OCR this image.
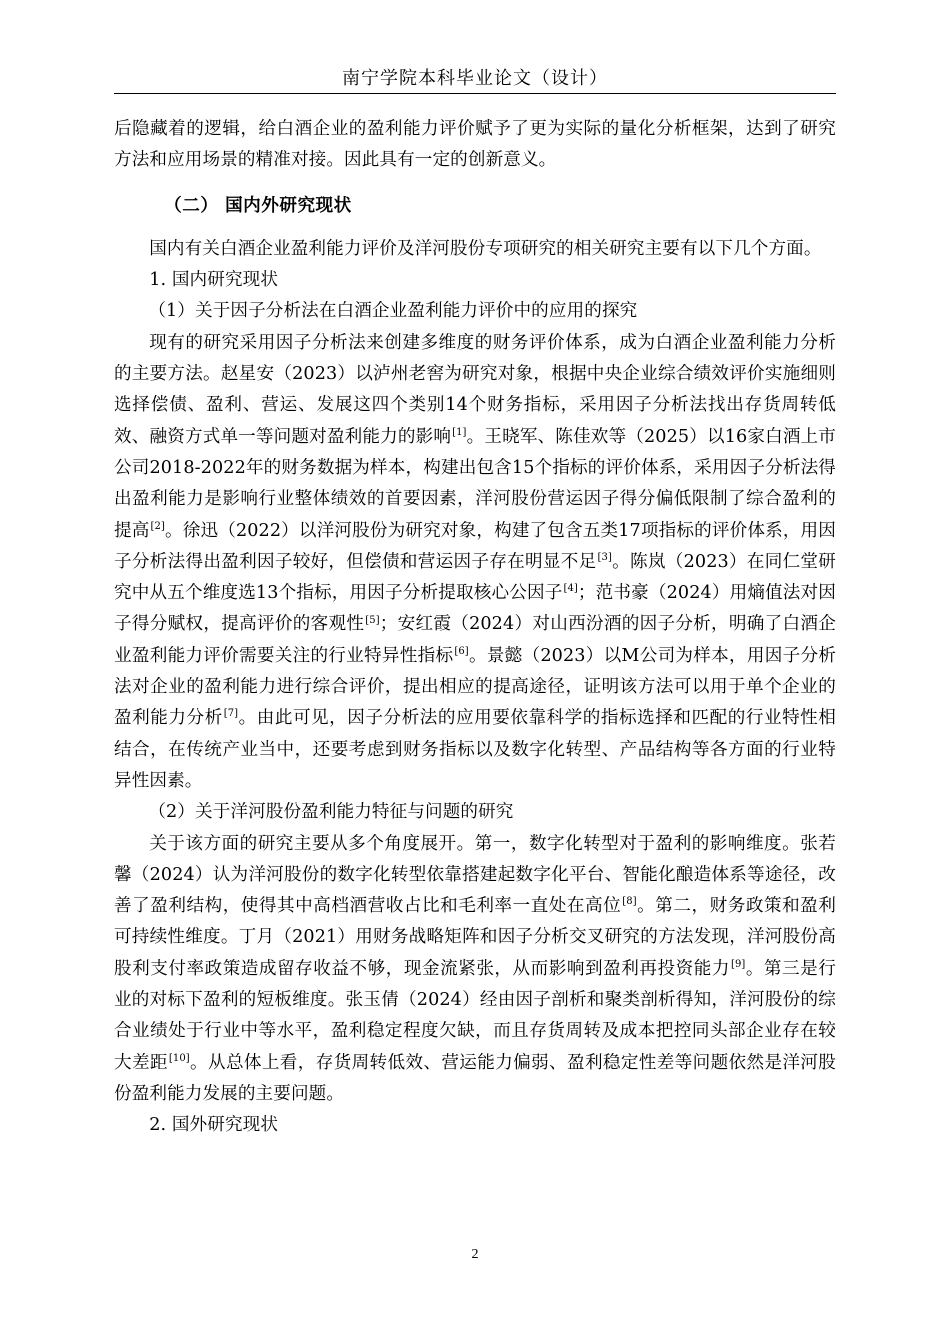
南宁学院本科毕业论文（设计）

后隐藏着的逻辑，给白酒企业的盈利能力评价赋予了更为实际的量化分析框架，达到了研究方法和应用场景的精准对接。因此具有一定的创新意义。

（二） 国内外研究现状

国内有关白酒企业盈利能力评价及洋河股份专项研究的相关研究主要有以下几个方面。

1. 国内研究现状

（1）关于因子分析法在白酒企业盈利能力评价中的应用的探究

现有的研究采用因子分析法来创建多维度的财务评价体系，成为白酒企业盈利能力分析的主要方法。赵星安（2023）以泸州老窖为研究对象，根据中央企业综合绩效评价实施细则选择偿债、盈利、营运、发展这四个类别14个财务指标，采用因子分析法找出存货周转低效、融资方式单一等问题对盈利能力的影响[1]。王晓军、陈佳欢等（2025）以16家白酒上市公司2018-2022年的财务数据为样本，构建出包含15个指标的评价体系，采用因子分析法得出盈利能力是影响行业整体绩效的首要因素，洋河股份营运因子得分偏低限制了综合盈利的提高[2]。徐迅（2022）以洋河股份为研究对象，构建了包含五类17项指标的评价体系，用因子分析法得出盈利因子较好，但偿债和营运因子存在明显不足[3]。陈岚（2023）在同仁堂研究中从五个维度选13个指标，用因子分析提取核心公因子[4]；范书豪（2024）用熵值法对因子得分赋权，提高评价的客观性[5]；安红霞（2024）对山西汾酒的因子分析，明确了白酒企业盈利能力评价需要关注的行业特异性指标[6]。景懿（2023）以M公司为样本，用因子分析法对企业的盈利能力进行综合评价，提出相应的提高途径，证明该方法可以用于单个企业的盈利能力分析[7]。由此可见，因子分析法的应用要依靠科学的指标选择和匹配的行业特性相结合，在传统产业当中，还要考虑到财务指标以及数字化转型、产品结构等各方面的行业特异性因素。

（2）关于洋河股份盈利能力特征与问题的研究

关于该方面的研究主要从多个角度展开。第一，数字化转型对于盈利的影响维度。张若馨（2024）认为洋河股份的数字化转型依靠搭建起数字化平台、智能化酿造体系等途径，改善了盈利结构，使得其中高档酒营收占比和毛利率一直处在高位[8]。第二，财务政策和盈利可持续性维度。丁月（2021）用财务战略矩阵和因子分析交叉研究的方法发现，洋河股份高股利支付率政策造成留存收益不够，现金流紧张，从而影响到盈利再投资能力[9]。第三是行业的对标下盈利的短板维度。张玉倩（2024）经由因子剖析和聚类剖析得知，洋河股份的综合业绩处于行业中等水平，盈利稳定程度欠缺，而且存货周转及成本把控同头部企业存在较大差距[10]。从总体上看，存货周转低效、营运能力偏弱、盈利稳定性差等问题依然是洋河股份盈利能力发展的主要问题。

2. 国外研究现状

2
